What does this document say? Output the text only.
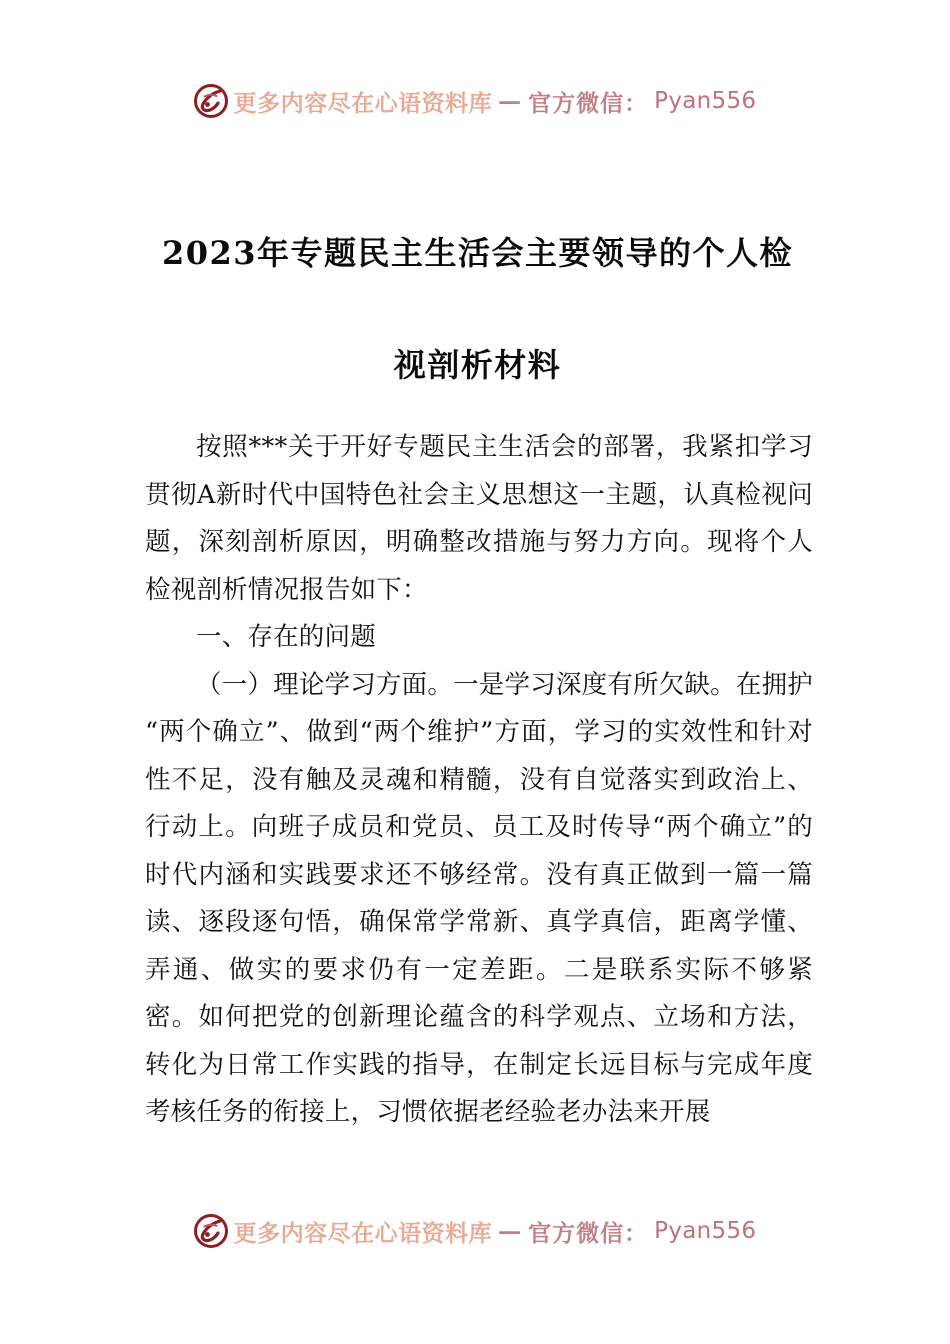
更多内容尽在心语资料库 — 官方微信： Pyan556
2023年专题民主生活会主要领导的个人检
视剖析材料

按照***关于开好专题民主生活会的部署，我紧扣学习贯彻A新时代中国特色社会主义思想这一主题，认真检视问题，深刻剖析原因，明确整改措施与努力方向。现将个人检视剖析情况报告如下：

一、存在的问题

（一）理论学习方面。一是学习深度有所欠缺。在拥护“两个确立”、做到“两个维护”方面，学习的实效性和针对性不足，没有触及灵魂和精髓，没有自觉落实到政治上、行动上。向班子成员和党员、员工及时传导“两个确立”的时代内涵和实践要求还不够经常。没有真正做到一篇一篇读、逐段逐句悟，确保常学常新、真学真信，距离学懂、弄通、做实的要求仍有一定差距。二是联系实际不够紧密。如何把党的创新理论蕴含的科学观点、立场和方法，转化为日常工作实践的指导，在制定长远目标与完成年度考核任务的衔接上，习惯依据老经验老办法来开展

更多内容尽在心语资料库 — 官方微信： Pyan556
